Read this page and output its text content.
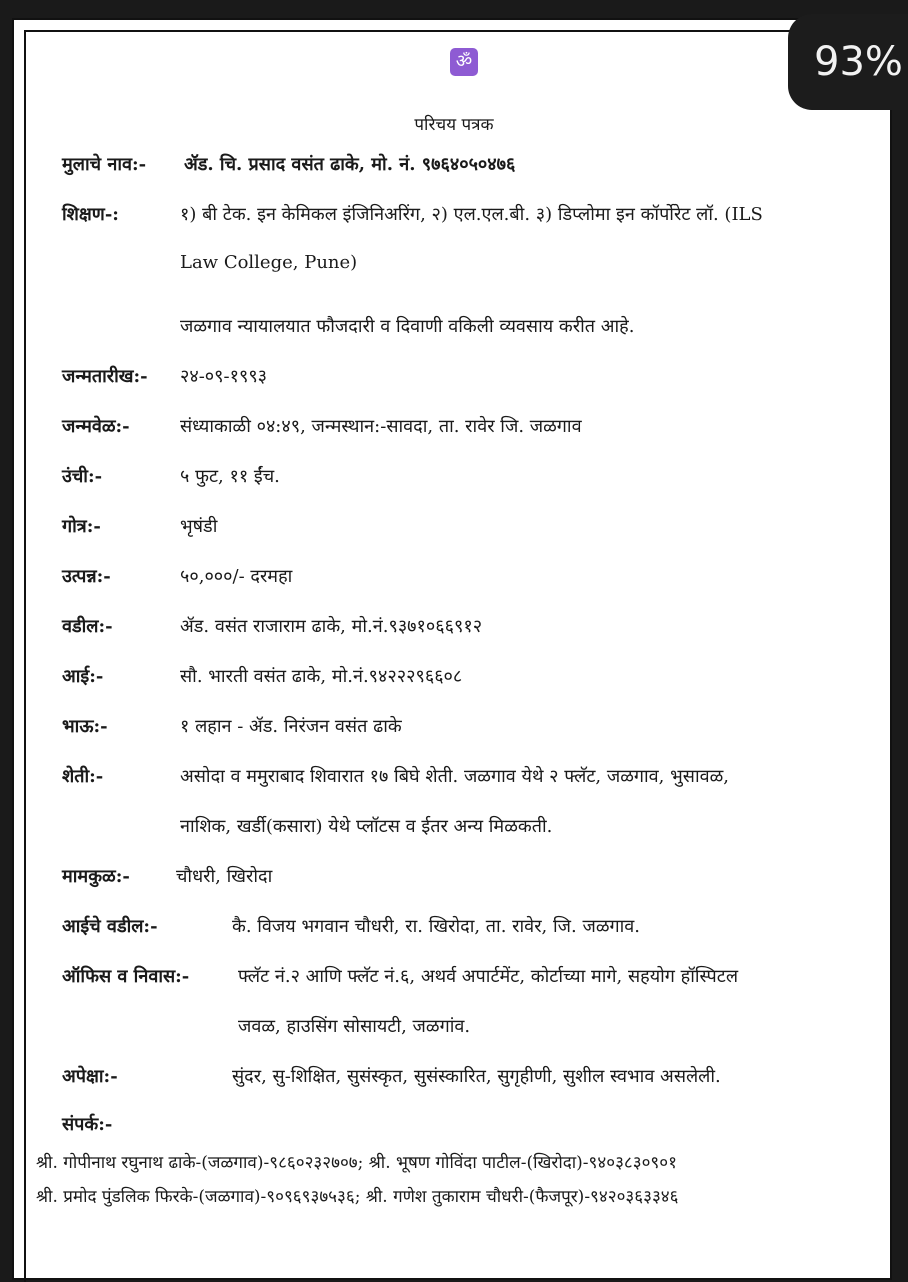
ॐ
परिचय पत्रक
मुलाचे नाव:- ॲड. चि. प्रसाद वसंत ढाके, मो. नं. ९७६४०५०४७६
शिक्षण-:	१) बी टेक. इन केमिकल इंजिनिअरिंग, २) एल.एल.बी. ३) डिप्लोमा इन कॉर्पोरेट लॉ. (ILS
Law College, Pune)
जळगाव न्यायालयात फौजदारी व दिवाणी वकिली व्यवसाय करीत आहे.
जन्मतारीख:- २४-०९-१९९३
जन्मवेळ:-	संध्याकाळी ०४:४९, जन्मस्थान:-सावदा, ता. रावेर जि. जळगाव
उंची:-	५ फुट, ११ ईंच.
गोत्र:-	भृषंडी
उत्पन्न:-	५०,०००/- दरमहा
वडील:-	ॲड. वसंत राजाराम ढाके, मो.नं.९३७१०६६९१२
आई:-	सौ. भारती वसंत ढाके, मो.नं.९४२२२९६६०८
भाऊ:-	१ लहान - ॲड. निरंजन वसंत ढाके
शेती:-	असोदा व ममुराबाद शिवारात १७ बिघे शेती. जळगाव येथे २ फ्लॅट, जळगाव, भुसावळ,
नाशिक, खर्डी(कसारा) येथे प्लॉटस व ईतर अन्य मिळकती.
मामकुळ:-	चौधरी, खिरोदा
आईचे वडील:-	कै. विजय भगवान चौधरी, रा. खिरोदा, ता. रावेर, जि. जळगाव.
ऑफिस व निवास:-	फ्लॅट नं.२ आणि फ्लॅट नं.६, अथर्व अपार्टमेंट, कोर्टाच्या मागे, सहयोग हॉस्पिटल
जवळ, हाउसिंग सोसायटी, जळगांव.
अपेक्षा:-	सुंदर, सु-शिक्षित, सुसंस्कृत, सुसंस्कारित, सुगृहीणी, सुशील स्वभाव असलेली.
संपर्क:-
श्री. गोपीनाथ रघुनाथ ढाके-(जळगाव)-९८६०२३२७०७; श्री. भूषण गोविंदा पाटील-(खिरोदा)-९४०३८३०९०१
श्री. प्रमोद पुंडलिक फिरके-(जळगाव)-९०९६९३७५३६; श्री. गणेश तुकाराम चौधरी-(फैजपूर)-९४२०३६३३४६
93%
